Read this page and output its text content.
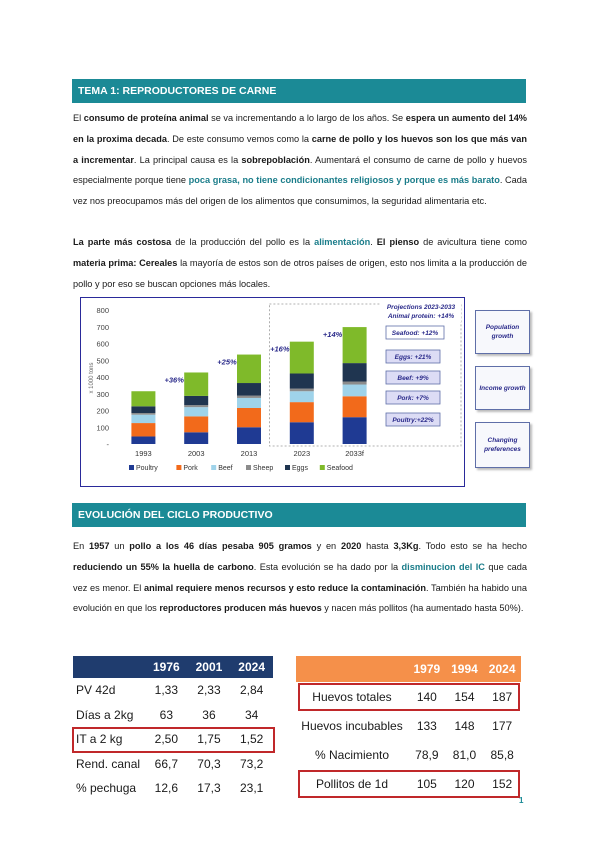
TEMA 1: REPRODUCTORES DE CARNE

El consumo de proteína animal se va incrementando a lo largo de los años. Se espera un aumento del 14% en la proxima decada. De este consumo vemos como la carne de pollo y los huevos son los que más van a incrementar. La principal causa es la sobrepoblación. Aumentará el consumo de carne de pollo y huevos especialmente porque tiene poca grasa, no tiene condicionantes religiosos y porque es más barato. Cada vez nos preocupamos más del origen de los alimentos que consumimos, la seguridad alimentaria etc.

La parte más costosa de la producción del pollo es la alimentación. El pienso de avicultura tiene como materia prima: Cereales la mayoría de estos son de otros países de origen, esto nos limita a la producción de pollo y por eso se buscan opciones más locales.

800
700
600
500
400
300
200
100
-
x 1000 tons
1993
+36%
2003
+25%
2013
+16%
2023
+14%
2033f
Poultry	Pork	Beef	Sheep	Eggs	Seafood
Projections 2023-2033
Animal protein: +14%
Seafood: +12%
Eggs: +21%
Beef: +9%
Pork: +7%
Poultry:+22%
Population growth
Income growth
Changing preferences
EVOLUCIÓN DEL CICLO PRODUCTIVO

En 1957 un pollo a los 46 días pesaba 905 gramos y en 2020 hasta 3,3Kg. Todo esto se ha hecho reduciendo un 55% la huella de carbono. Esta evolución se ha dado por la disminucion del IC que cada vez es menor. El animal requiere menos recursos y esto reduce la contaminación. También ha habido una evolución en que los reproductores producen más huevos y nacen más pollitos (ha aumentado hasta 50%).

	1976	2001	2024
PV 42d	1,33	2,33	2,84
Días a 2kg	63	36	34
IT a 2 kg	2,50	1,75	1,52
Rend. canal	66,7	70,3	73,2
% pechuga	12,6	17,3	23,1
	1979	1994	2024
Huevos totales	140	154	187
Huevos incubables	133	148	177
% Nacimiento	78,9	81,0	85,8
Pollitos de 1d	105	120	152
1
